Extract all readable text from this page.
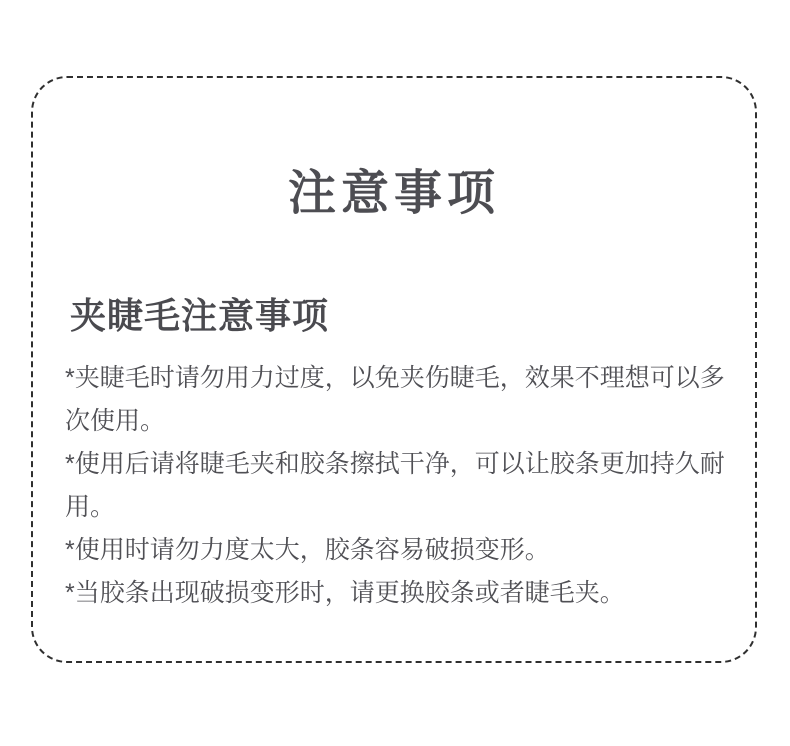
注意事项
夹睫毛注意事项

*夹睫毛时请勿用力过度，以免夹伤睫毛，效果不理想可以多次使用。

*使用后请将睫毛夹和胶条擦拭干净，可以让胶条更加持久耐用。

*使用时请勿力度太大，胶条容易破损变形。

*当胶条出现破损变形时，请更换胶条或者睫毛夹。
